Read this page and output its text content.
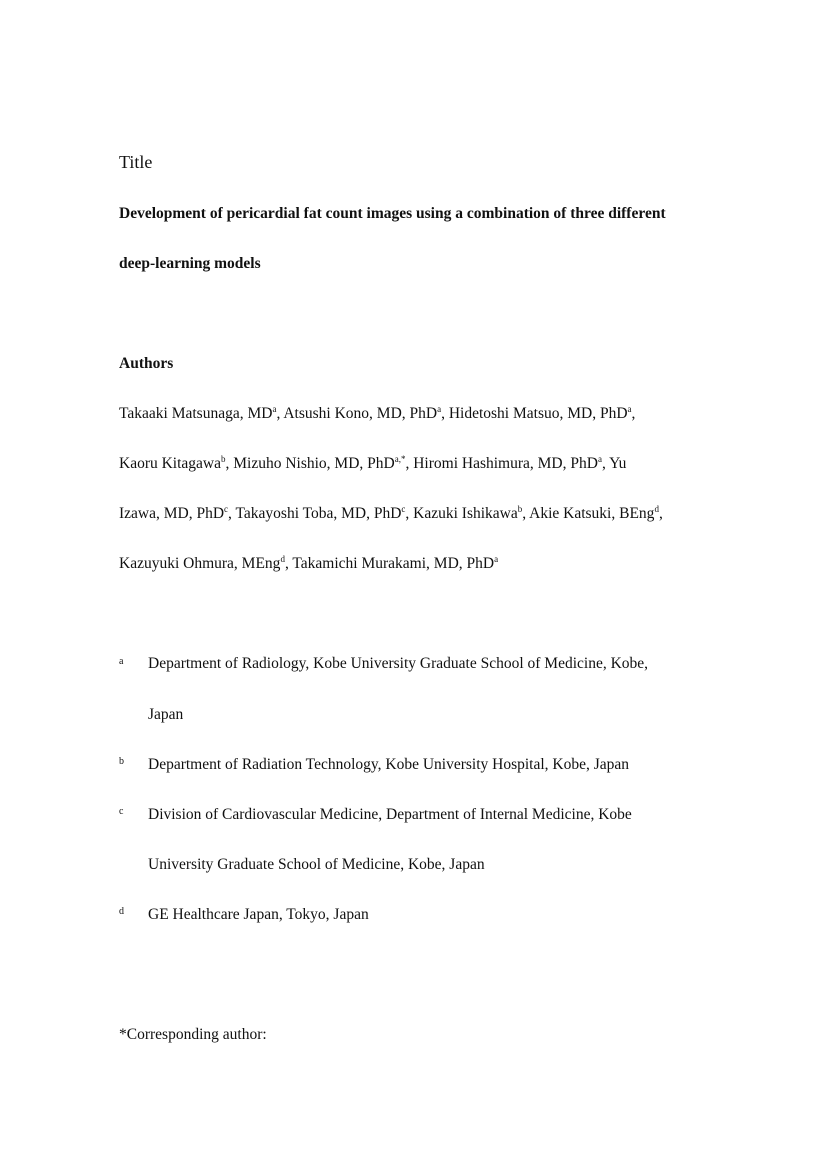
Title
Development of pericardial fat count images using a combination of three different
deep-learning models
Authors
Takaaki Matsunaga, $MD^a$, Atsushi Kono, MD, PhD$^a$, Hidetoshi Matsuo, MD, PhD$^a$,
Kaoru Kitagawa$^b$, Mizuho Nishio, MD, PhD$^{a,*}$, Hiromi Hashimura, MD, PhD$^a$, Yu
Izawa, MD, PhD$^c$, Takayoshi Toba, MD, PhD$^c$, Kazuki Ishikawa$^b$, Akie Katsuki, BEng$^d$,
Kazuyuki Ohmura, MEng$^d$, Takamichi Murakami, MD, PhD$^a$
a Department of Radiology, Kobe University Graduate School of Medicine, Kobe,
Japan
b Department of Radiation Technology, Kobe University Hospital, Kobe, Japan
c Division of Cardiovascular Medicine, Department of Internal Medicine, Kobe
University Graduate School of Medicine, Kobe, Japan
d GE Healthcare Japan, Tokyo, Japan
*Corresponding author:
